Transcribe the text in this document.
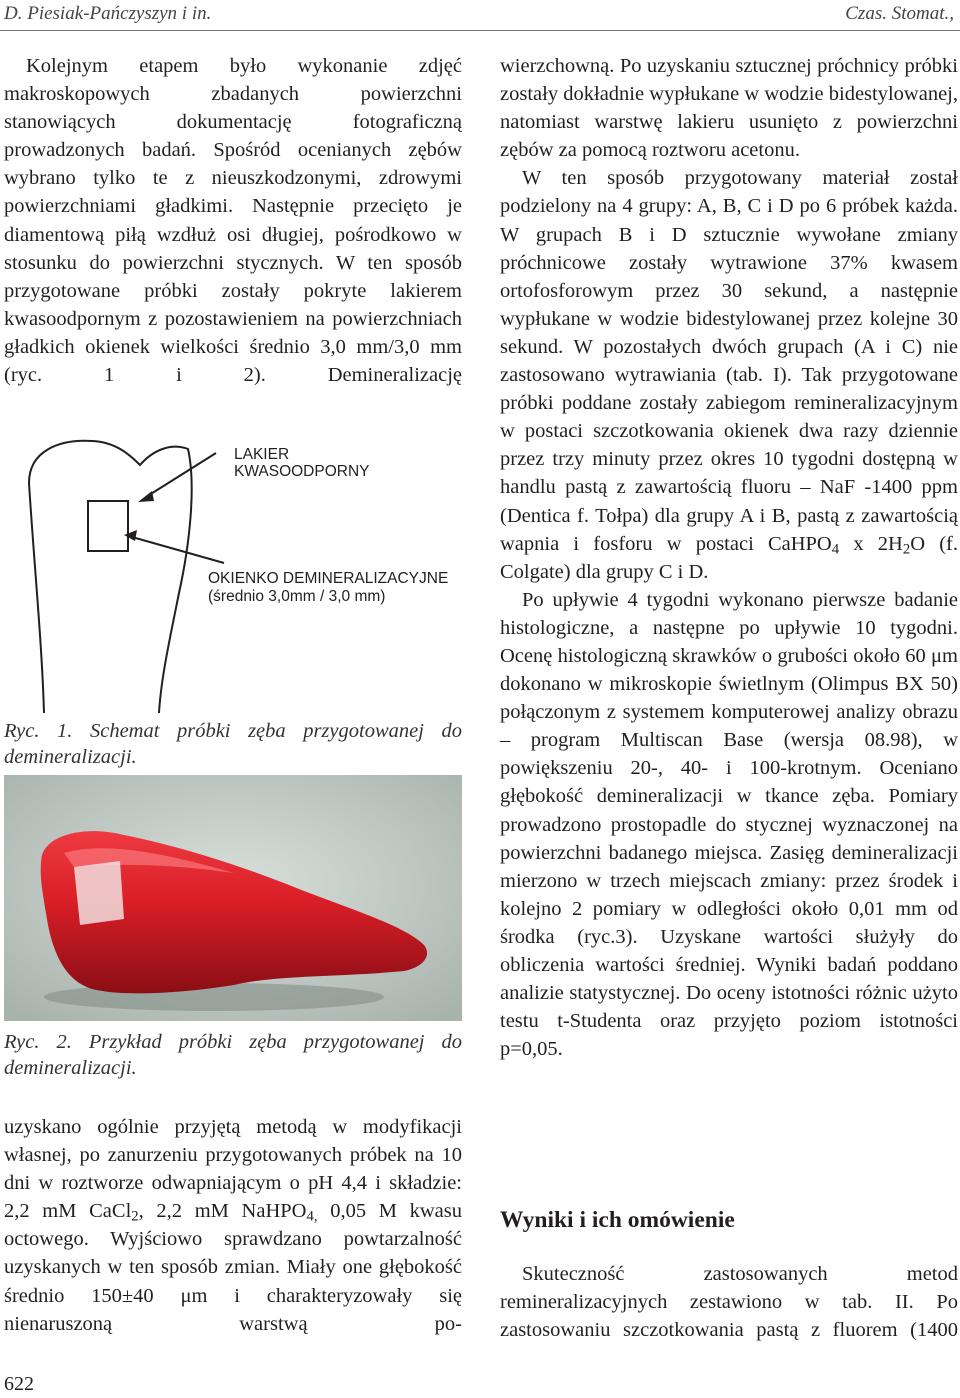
D. Piesiak-Pańczyszyn i in.	Czas. Stomat.,

Kolejnym etapem było wykonanie zdjęć makroskopowych zbadanych powierzchni stanowiących dokumentację fotograficzną prowadzonych badań. Spośród ocenianych zębów wybrano tylko te z nieuszkodzonymi, zdrowymi powierzchniami gładkimi. Następnie przecięto je diamentową piłą wzdłuż osi długiej, pośrodkowo w stosunku do powierzchni stycznych. W ten sposób przygotowane próbki zostały pokryte lakierem kwasoodpornym z pozostawieniem na powierzchniach gładkich okienek wielkości średnio 3,0 mm/3,0 mm (ryc. 1 i 2). Demineralizację

LAKIER
KWASOODPORNY
OKIENKO DEMINERALIZACYJNE
(średnio 3,0mm / 3,0 mm)
Ryc. 1. Schemat próbki zęba przygotowanej do demineralizacji.
Ryc. 2. Przykład próbki zęba przygotowanej do demineralizacji.

uzyskano ogólnie przyjętą metodą w modyfikacji własnej, po zanurzeniu przygotowanych próbek na 10 dni w roztworze odwapniającym o pH 4,4 i składzie: 2,2 mM CaCl$_2$, 2,2 mM NaHPO$_{4,}$ 0,05 M kwasu octowego. Wyjściowo sprawdzano powtarzalność uzyskanych w ten sposób zmian. Miały one głębokość średnio 150±40 μm i charakteryzowały się nienaruszoną warstwą po-

wierzchowną. Po uzyskaniu sztucznej próchnicy próbki zostały dokładnie wypłukane w wodzie bidestylowanej, natomiast warstwę lakieru usunięto z powierzchni zębów za pomocą roztworu acetonu.

W ten sposób przygotowany materiał został podzielony na 4 grupy: A, B, C i D po 6 próbek każda. W grupach B i D sztucznie wywołane zmiany próchnicowe zostały wytrawione 37% kwasem ortofosforowym przez 30 sekund, a następnie wypłukane w wodzie bidestylowanej przez kolejne 30 sekund. W pozostałych dwóch grupach (A i C) nie zastosowano wytrawiania (tab. I). Tak przygotowane próbki poddane zostały zabiegom remineralizacyjnym w postaci szczotkowania okienek dwa razy dziennie przez trzy minuty przez okres 10 tygodni dostępną w handlu pastą z zawartością fluoru – NaF -1400 ppm (Dentica f. Tołpa) dla grupy A i B, pastą z zawartością wapnia i fosforu w postaci CaHPO$_4$ x $2H_2O$ (f. Colgate) dla grupy C i D.

Po upływie 4 tygodni wykonano pierwsze badanie histologiczne, a następne po upływie 10 tygodni. Ocenę histologiczną skrawków o grubości około 60 μm dokonano w mikroskopie świetlnym (Olimpus BX 50) połączonym z systemem komputerowej analizy obrazu – program Multiscan Base (wersja 08.98), w powiększeniu 20-, 40- i 100-krotnym. Oceniano głębokość demineralizacji w tkance zęba. Pomiary prowadzono prostopadle do stycznej wyznaczonej na powierzchni badanego miejsca. Zasięg demineralizacji mierzono w trzech miejscach zmiany: przez środek i kolejno 2 pomiary w odległości około 0,01 mm od środka (ryc.3). Uzyskane wartości służyły do obliczenia wartości średniej. Wyniki badań poddano analizie statystycznej. Do oceny istotności różnic użyto testu t-Studenta oraz przyjęto poziom istotności p=0,05.

Wyniki i ich omówienie

Skuteczność zastosowanych metod remineralizacyjnych zestawiono w tab. II. Po zastosowaniu szczotkowania pastą z fluorem (1400

622
